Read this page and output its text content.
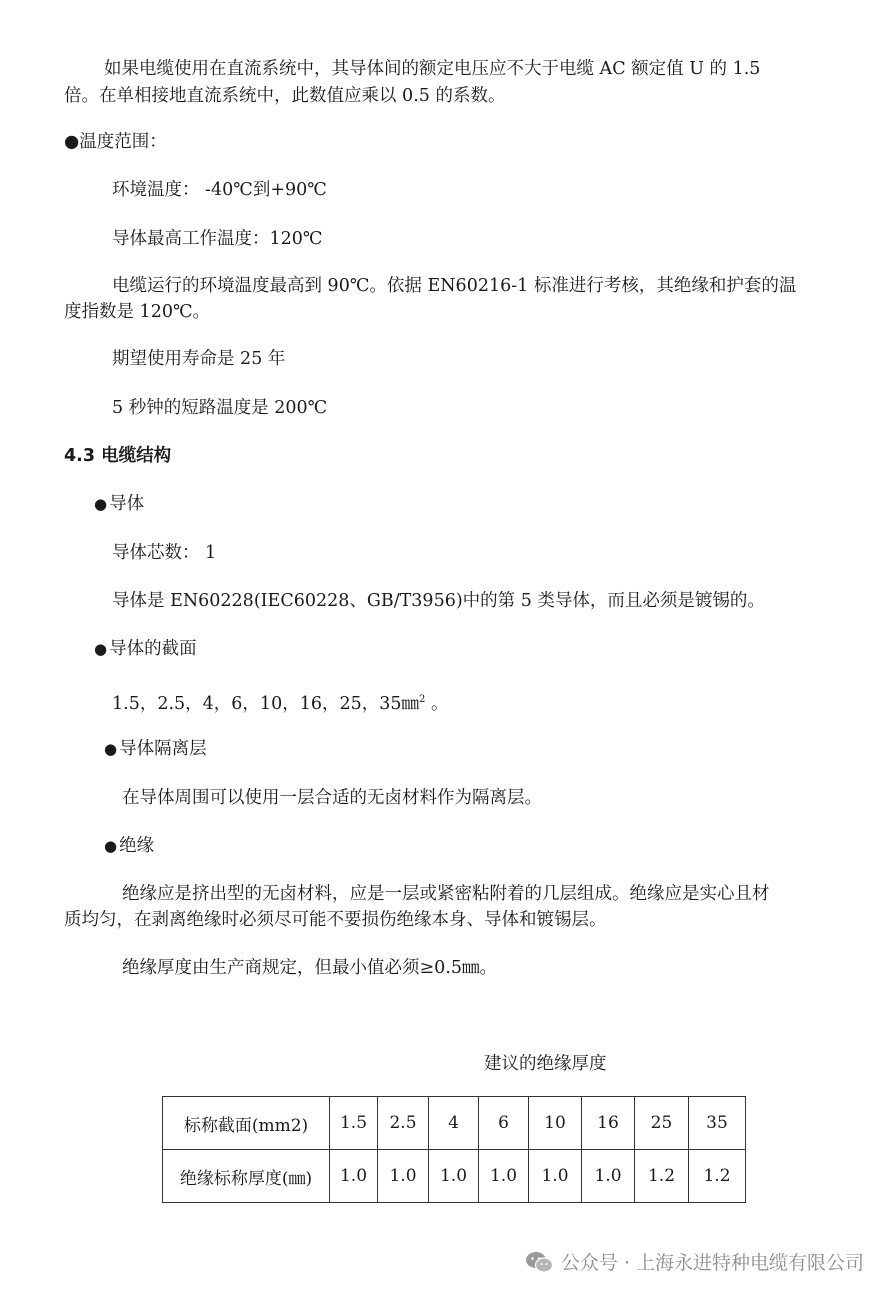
如果电缆使用在直流系统中，其导体间的额定电压应不大于电缆 AC 额定值 U 的 1.5
倍。在单相接地直流系统中，此数值应乘以 0.5 的系数。
●温度范围：
环境温度： -40℃到+90℃
导体最高工作温度：120℃
电缆运行的环境温度最高到 90℃。依据 EN60216-1 标准进行考核，其绝缘和护套的温
度指数是 120℃。
期望使用寿命是 25 年
5 秒钟的短路温度是 200℃
4.3 电缆结构
● 导体
导体芯数： 1
导体是 EN60228(IEC60228、GB/T3956)中的第 5 类导体，而且必须是镀锡的。
● 导体的截面
1.5，2.5，4，6，10，16，25，35㎜$^2$ 。
● 导体隔离层
在导体周围可以使用一层合适的无卤材料作为隔离层。
● 绝缘
绝缘应是挤出型的无卤材料，应是一层或紧密粘附着的几层组成。绝缘应是实心且材
质均匀，在剥离绝缘时必须尽可能不要损伤绝缘本身、导体和镀锡层。
绝缘厚度由生产商规定，但最小值必须≥0.5㎜。
建议的绝缘厚度
标称截面(mm2)	1.5	2.5	4	6	10	16	25	35
绝缘标称厚度(㎜)	1.0	1.0	1.0	1.0	1.0	1.0	1.2	1.2
公众号 · 上海永进特种电缆有限公司
